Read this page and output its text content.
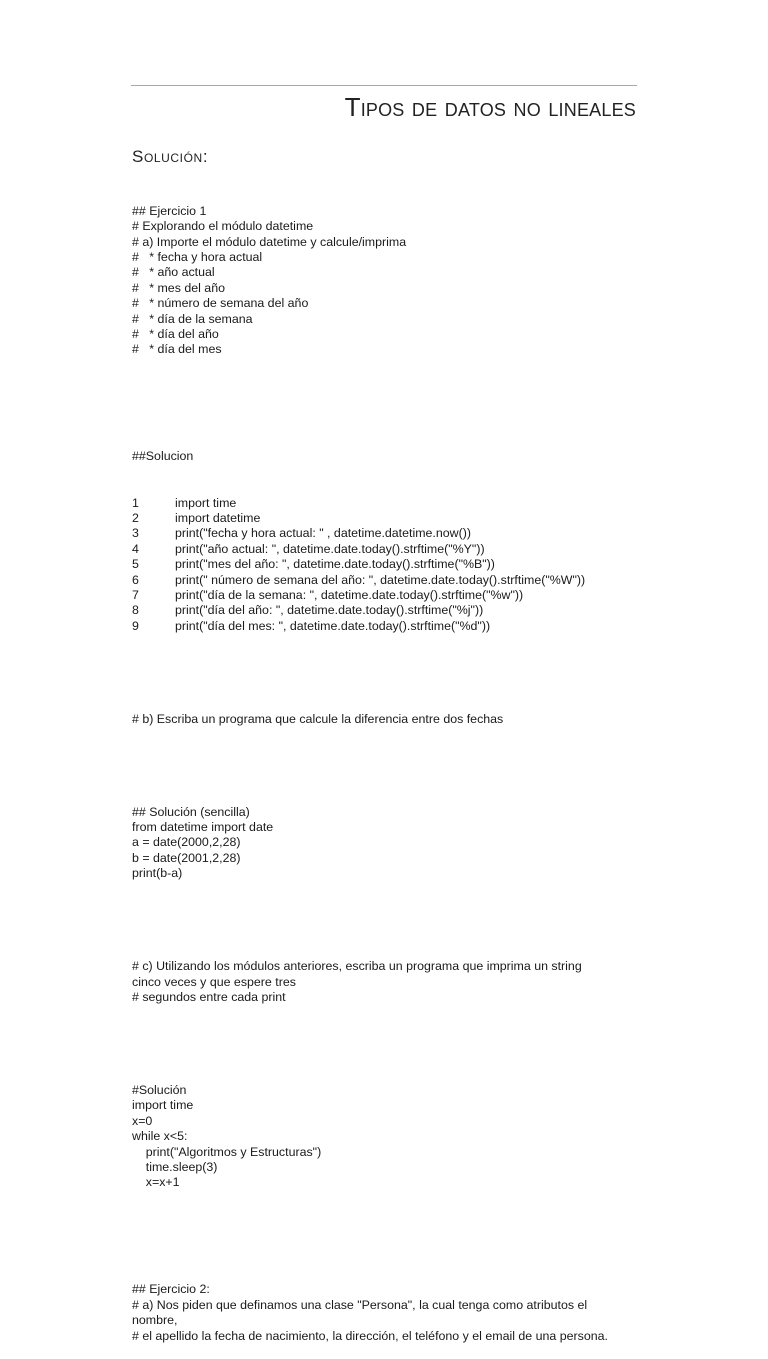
Tipos de datos no lineales
Solución:

## Ejercicio 1
# Explorando el módulo datetime
# a) Importe el módulo datetime y calcule/imprima
#   * fecha y hora actual
#   * año actual
#   * mes del año
#   * número de semana del año
#   * día de la semana
#   * día del año
#   * día del mes

##Solucion

1	import time
2	import datetime
3	print("fecha y hora actual: " , datetime.datetime.now())
4	print("año actual: ", datetime.date.today().strftime("%Y"))
5	print("mes del año: ", datetime.date.today().strftime("%B"))
6	print(" número de semana del año: ", datetime.date.today().strftime("%W"))
7	print("día de la semana: ", datetime.date.today().strftime("%w"))
8	print("día del año: ", datetime.date.today().strftime("%j"))
9	print("día del mes: ", datetime.date.today().strftime("%d"))

# b) Escriba un programa que calcule la diferencia entre dos fechas

## Solución (sencilla)
from datetime import date
a = date(2000,2,28)
b = date(2001,2,28)
print(b-a)

# c) Utilizando los módulos anteriores, escriba un programa que imprima un string
cinco veces y que espere tres
# segundos entre cada print

#Solución
import time
x=0
while x<5:
print("Algoritmos y Estructuras")
time.sleep(3)
x=x+1

## Ejercicio 2:
# a) Nos piden que definamos una clase "Persona", la cual tenga como atributos el
nombre,
# el apellido la fecha de nacimiento, la dirección, el teléfono y el email de una persona.
